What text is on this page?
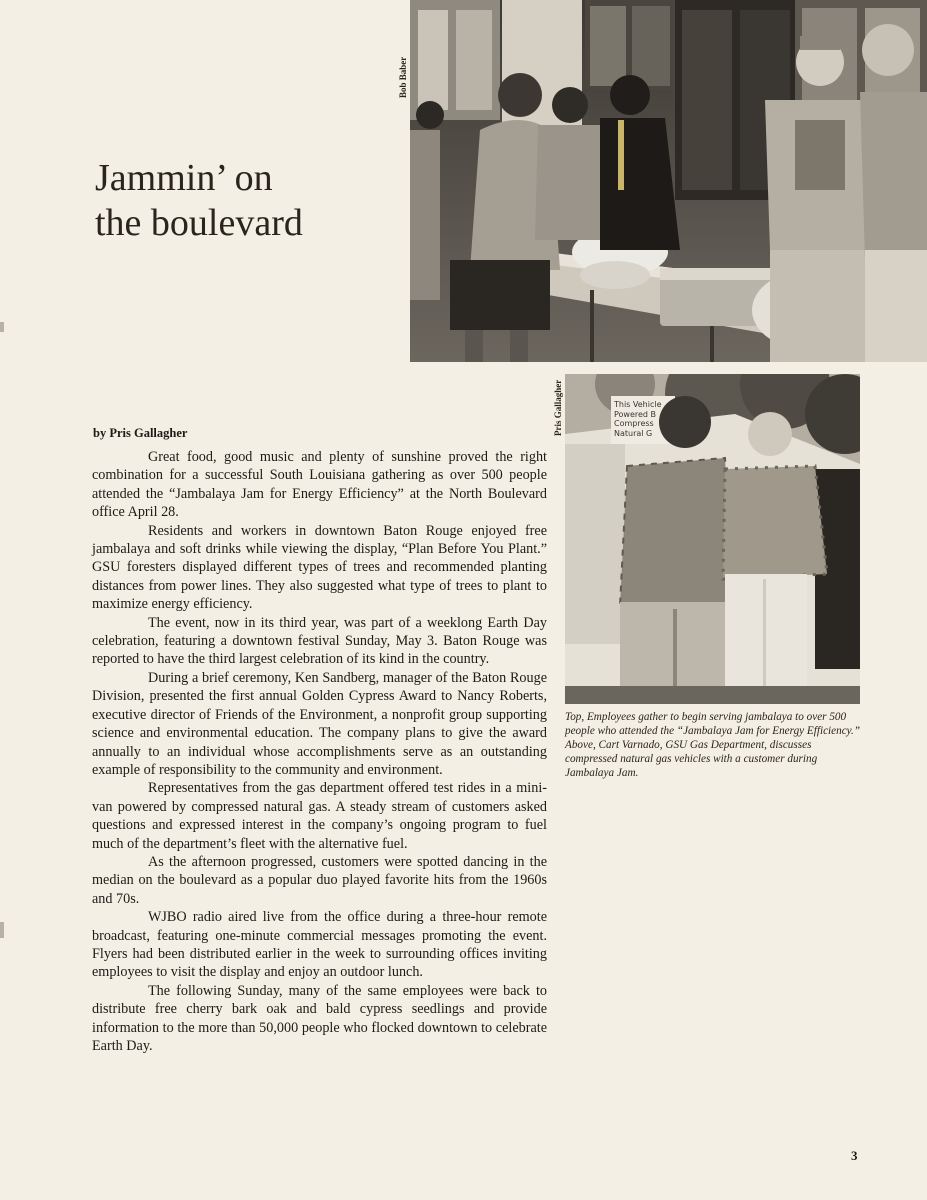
Jammin’ on
the boulevard
Bob Baber
by Pris Gallagher

Great food, good music and plenty of sunshine proved the right combination for a successful South Louisiana gathering as over 500 people attended the “Jambalaya Jam for Energy Efficiency” at the North Boulevard office April 28.

Residents and workers in downtown Baton Rouge enjoyed free jambalaya and soft drinks while viewing the display, “Plan Before You Plant.” GSU foresters displayed different types of trees and recommended planting distances from power lines. They also suggested what type of trees to plant to maximize energy efficiency.

The event, now in its third year, was part of a weeklong Earth Day celebration, featuring a downtown festival Sunday, May 3. Baton Rouge was reported to have the third largest celebration of its kind in the country.

During a brief ceremony, Ken Sandberg, manager of the Baton Rouge Division, presented the first annual Golden Cypress Award to Nancy Roberts, executive director of Friends of the Environment, a nonprofit group supporting science and environmental education. The company plans to give the award annually to an individual whose accomplishments serve as an outstanding example of responsibility to the community and environment.

Representatives from the gas department offered test rides in a mini-van powered by compressed natural gas. A steady stream of customers asked questions and expressed interest in the company’s ongoing program to fuel much of the department’s fleet with the alternative fuel.

As the afternoon progressed, customers were spotted dancing in the median on the boulevard as a popular duo played favorite hits from the 1960s and 70s.

WJBO radio aired live from the office during a three-hour remote broadcast, featuring one-minute commercial messages promoting the event. Flyers had been distributed earlier in the week to surrounding offices inviting employees to visit the display and enjoy an outdoor lunch.

The following Sunday, many of the same employees were back to distribute free cherry bark oak and bald cypress seedlings and provide information to the more than 50,000 people who flocked downtown to celebrate Earth Day.

Pris Gallagher	This Vehicle
Powered B
Compress
Natural G
Top, Employees gather to begin serving jambalaya to over 500 people who attended the “Jambalaya Jam for Energy Efficiency.” Above, Cart Varnado, GSU Gas Department, discusses compressed natural gas vehicles with a customer during Jambalaya Jam.
3
